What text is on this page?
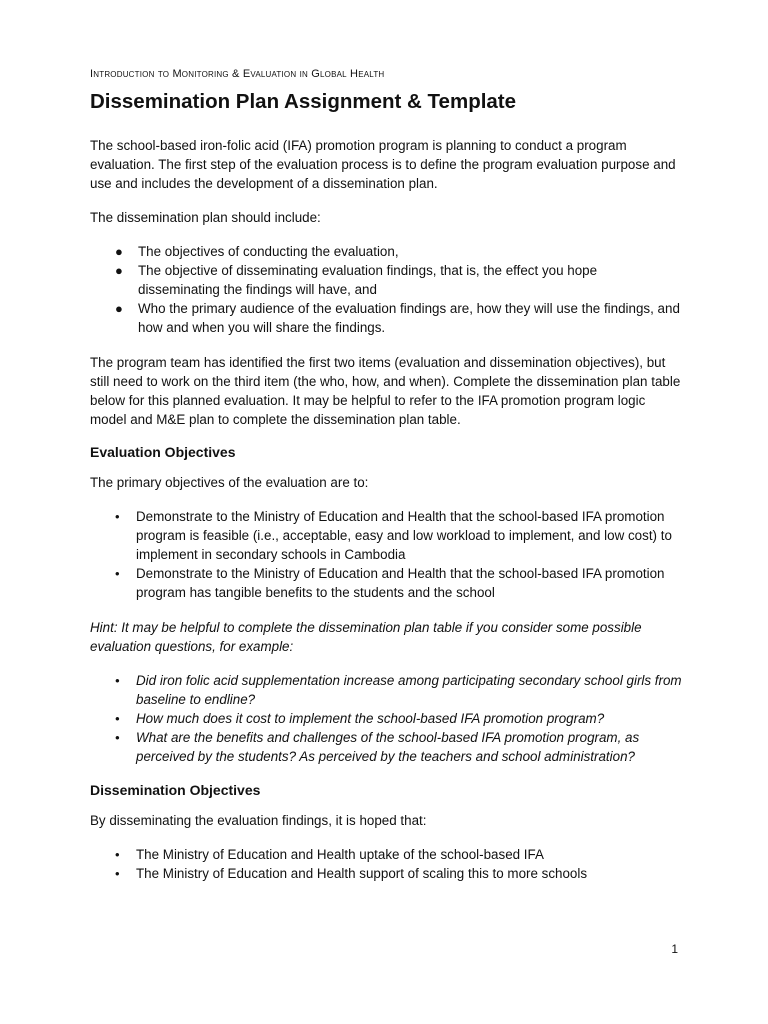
Introduction to Monitoring & Evaluation in Global Health
Dissemination Plan Assignment & Template

The school-based iron-folic acid (IFA) promotion program is planning to conduct a program evaluation. The first step of the evaluation process is to define the program evaluation purpose and use and includes the development of a dissemination plan.

The dissemination plan should include:

● The objectives of conducting the evaluation,
● The objective of disseminating evaluation findings, that is, the effect you hope disseminating the findings will have, and
● Who the primary audience of the evaluation findings are, how they will use the findings, and how and when you will share the findings.

The program team has identified the first two items (evaluation and dissemination objectives), but still need to work on the third item (the who, how, and when). Complete the dissemination plan table below for this planned evaluation. It may be helpful to refer to the IFA promotion program logic model and M&E plan to complete the dissemination plan table.

Evaluation Objectives

The primary objectives of the evaluation are to:

• Demonstrate to the Ministry of Education and Health that the school-based IFA promotion program is feasible (i.e., acceptable, easy and low workload to implement, and low cost) to implement in secondary schools in Cambodia
• Demonstrate to the Ministry of Education and Health that the school-based IFA promotion program has tangible benefits to the students and the school

Hint: It may be helpful to complete the dissemination plan table if you consider some possible evaluation questions, for example:

• Did iron folic acid supplementation increase among participating secondary school girls from baseline to endline?
• How much does it cost to implement the school-based IFA promotion program?
• What are the benefits and challenges of the school-based IFA promotion program, as perceived by the students? As perceived by the teachers and school administration?
Dissemination Objectives

By disseminating the evaluation findings, it is hoped that:

• The Ministry of Education and Health uptake of the school-based IFA
• The Ministry of Education and Health support of scaling this to more schools
1
